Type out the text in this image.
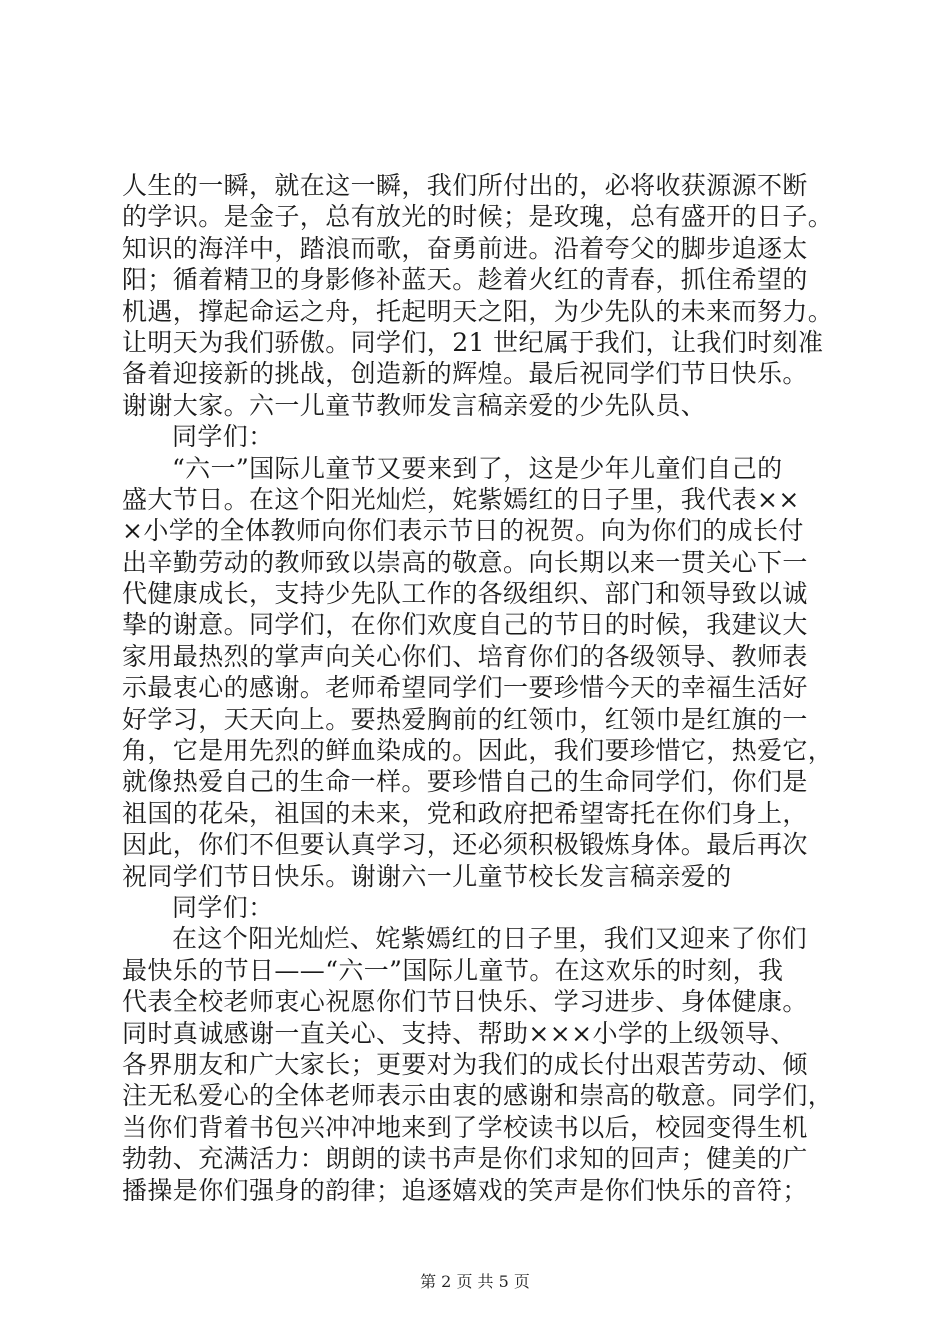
人生的一瞬，就在这一瞬，我们所付出的，必将收获源源不断
的学识。是金子，总有放光的时候；是玫瑰，总有盛开的日子。
知识的海洋中，踏浪而歌，奋勇前进。沿着夸父的脚步追逐太
阳；循着精卫的身影修补蓝天。趁着火红的青春，抓住希望的
机遇，撑起命运之舟，托起明天之阳，为少先队的未来而努力。
让明天为我们骄傲。同学们，21 世纪属于我们，让我们时刻准
备着迎接新的挑战，创造新的辉煌。最后祝同学们节日快乐。
谢谢大家。六一儿童节教师发言稿亲爱的少先队员、
同学们：
“六一”国际儿童节又要来到了，这是少年儿童们自己的
盛大节日。在这个阳光灿烂，姹紫嫣红的日子里，我代表××
×小学的全体教师向你们表示节日的祝贺。向为你们的成长付
出辛勤劳动的教师致以崇高的敬意。向长期以来一贯关心下一
代健康成长，支持少先队工作的各级组织、部门和领导致以诚
挚的谢意。同学们，在你们欢度自己的节日的时候，我建议大
家用最热烈的掌声向关心你们、培育你们的各级领导、教师表
示最衷心的感谢。老师希望同学们一要珍惜今天的幸福生活好
好学习，天天向上。要热爱胸前的红领巾，红领巾是红旗的一
角，它是用先烈的鲜血染成的。因此，我们要珍惜它，热爱它，
就像热爱自己的生命一样。要珍惜自己的生命同学们，你们是
祖国的花朵，祖国的未来，党和政府把希望寄托在你们身上，
因此，你们不但要认真学习，还必须积极锻炼身体。最后再次
祝同学们节日快乐。谢谢六一儿童节校长发言稿亲爱的
同学们：
在这个阳光灿烂、姹紫嫣红的日子里，我们又迎来了你们
最快乐的节日——“六一”国际儿童节。在这欢乐的时刻，我
代表全校老师衷心祝愿你们节日快乐、学习进步、身体健康。
同时真诚感谢一直关心、支持、帮助×××小学的上级领导、
各界朋友和广大家长；更要对为我们的成长付出艰苦劳动、倾
注无私爱心的全体老师表示由衷的感谢和崇高的敬意。同学们，
当你们背着书包兴冲冲地来到了学校读书以后，校园变得生机
勃勃、充满活力：朗朗的读书声是你们求知的回声；健美的广
播操是你们强身的韵律；追逐嬉戏的笑声是你们快乐的音符；
第 2 页 共 5 页
